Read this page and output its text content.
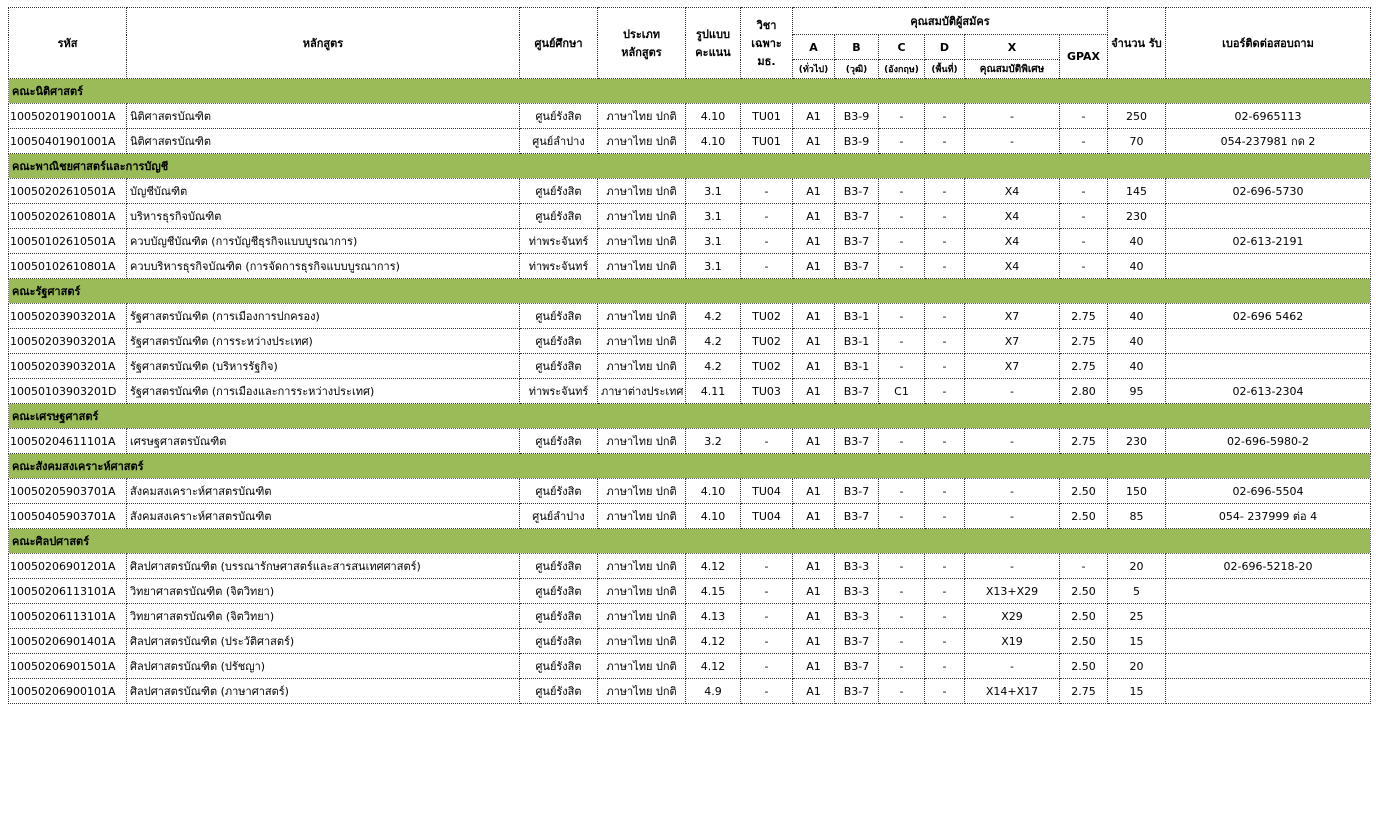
รหัส	หลักสูตร	ศูนย์ศึกษา	ประเภท หลักสูตร	รูปแบบ คะแนน	วิชา เฉพาะ มธ.	คุณสมบัติผู้สมัคร						จำนวน รับ	เบอร์ติดต่อสอบถาม
						A	B	C	D	X	GPAX		
						(ทั่วไป)	(วุฒิ)	(อังกฤษ)	(พื้นที่)	คุณสมบัติพิเศษ			
คณะนิติศาสตร์													
10050201901001A	นิติศาสตรบัณฑิต	ศูนย์รังสิต	ภาษาไทย ปกติ	4.10	TU01	A1	B3-9	-	-	-	-	250	02-6965113
10050401901001A	นิติศาสตรบัณฑิต	ศูนย์ลำปาง	ภาษาไทย ปกติ	4.10	TU01	A1	B3-9	-	-	-	-	70	054-237981 กด 2
คณะพาณิชยศาสตร์และการบัญชี													
10050202610501A	บัญชีบัณฑิต	ศูนย์รังสิต	ภาษาไทย ปกติ	3.1	-	A1	B3-7	-	-	X4	-	145	02-696-5730
10050202610801A	บริหารธุรกิจบัณฑิต	ศูนย์รังสิต	ภาษาไทย ปกติ	3.1	-	A1	B3-7	-	-	X4	-	230	
10050102610501A	ควบบัญชีบัณฑิต (การบัญชีธุรกิจแบบบูรณาการ)	ท่าพระจันทร์	ภาษาไทย ปกติ	3.1	-	A1	B3-7	-	-	X4	-	40	02-613-2191
10050102610801A	ควบบริหารธุรกิจบัณฑิต (การจัดการธุรกิจแบบบูรณาการ)	ท่าพระจันทร์	ภาษาไทย ปกติ	3.1	-	A1	B3-7	-	-	X4	-	40	
คณะรัฐศาสตร์													
10050203903201A	รัฐศาสตรบัณฑิต (การเมืองการปกครอง)	ศูนย์รังสิต	ภาษาไทย ปกติ	4.2	TU02	A1	B3-1	-	-	X7	2.75	40	02-696 5462
10050203903201A	รัฐศาสตรบัณฑิต (การระหว่างประเทศ)	ศูนย์รังสิต	ภาษาไทย ปกติ	4.2	TU02	A1	B3-1	-	-	X7	2.75	40	
10050203903201A	รัฐศาสตรบัณฑิต (บริหารรัฐกิจ)	ศูนย์รังสิต	ภาษาไทย ปกติ	4.2	TU02	A1	B3-1	-	-	X7	2.75	40	
10050103903201D	รัฐศาสตรบัณฑิต (การเมืองและการระหว่างประเทศ)	ท่าพระจันทร์	ภาษาต่างประเทศ	4.11	TU03	A1	B3-7	C1	-	-	2.80	95	02-613-2304
คณะเศรษฐศาสตร์													
10050204611101A	เศรษฐศาสตรบัณฑิต	ศูนย์รังสิต	ภาษาไทย ปกติ	3.2	-	A1	B3-7	-	-	-	2.75	230	02-696-5980-2
คณะสังคมสงเคราะห์ศาสตร์													
10050205903701A	สังคมสงเคราะห์ศาสตรบัณฑิต	ศูนย์รังสิต	ภาษาไทย ปกติ	4.10	TU04	A1	B3-7	-	-	-	2.50	150	02-696-5504
10050405903701A	สังคมสงเคราะห์ศาสตรบัณฑิต	ศูนย์ลำปาง	ภาษาไทย ปกติ	4.10	TU04	A1	B3-7	-	-	-	2.50	85	054- 237999 ต่อ 4
คณะศิลปศาสตร์													
10050206901201A	ศิลปศาสตรบัณฑิต (บรรณารักษศาสตร์และสารสนเทศศาสตร์)	ศูนย์รังสิต	ภาษาไทย ปกติ	4.12	-	A1	B3-3	-	-	-	-	20	02-696-5218-20
10050206113101A	วิทยาศาสตรบัณฑิต (จิตวิทยา)	ศูนย์รังสิต	ภาษาไทย ปกติ	4.15	-	A1	B3-3	-	-	X13+X29	2.50	5	
10050206113101A	วิทยาศาสตรบัณฑิต (จิตวิทยา)	ศูนย์รังสิต	ภาษาไทย ปกติ	4.13	-	A1	B3-3	-	-	X29	2.50	25	
10050206901401A	ศิลปศาสตรบัณฑิต (ประวัติศาสตร์)	ศูนย์รังสิต	ภาษาไทย ปกติ	4.12	-	A1	B3-7	-	-	X19	2.50	15	
10050206901501A	ศิลปศาสตรบัณฑิต (ปรัชญา)	ศูนย์รังสิต	ภาษาไทย ปกติ	4.12	-	A1	B3-7	-	-	-	2.50	20	
10050206900101A	ศิลปศาสตรบัณฑิต (ภาษาศาสตร์)	ศูนย์รังสิต	ภาษาไทย ปกติ	4.9	-	A1	B3-7	-	-	X14+X17	2.75	15	
